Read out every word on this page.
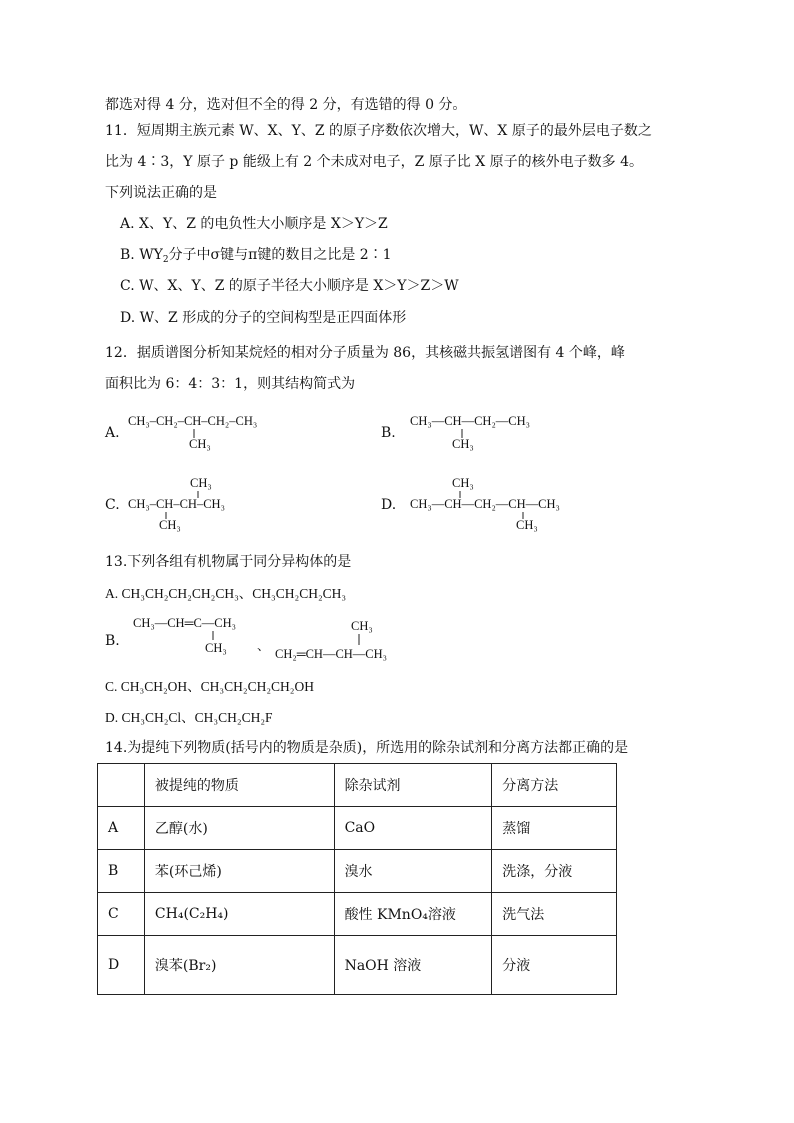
都选对得 4 分，选对但不全的得 2 分，有选错的得 0 分。
11．短周期主族元素 W、X、Y、Z 的原子序数依次增大，W、X 原子的最外层电子数之
比为 4∶3，Y 原子 p 能级上有 2 个未成对电子，Z 原子比 X 原子的核外电子数多 4。
下列说法正确的是
A. X、Y、Z 的电负性大小顺序是 X＞Y＞Z
B. $WY_2$分子中σ键与π键的数目之比是 2∶1
C. W、X、Y、Z 的原子半径大小顺序是 X＞Y＞Z＞W
D. W、Z 形成的分子的空间构型是正四面体形
12．据质谱图分析知某烷烃的相对分子质量为 86，其核磁共振氢谱图有 4 个峰，峰
面积比为 6：4：3：1，则其结构简式为
A.
CH₃–CH₂–CH–CH₂–CH₃
CH₃
B.
CH₃—CH—CH₂—CH₃
CH₃
C.
CH₃
CH₃–CH–CH–CH₃
CH₃
D.
CH₃
CH₃—CH—CH₂—CH—CH₃
CH₃
13.下列各组有机物属于同分异构体的是
A. CH₃CH₂CH₂CH₂CH₃、CH₃CH₂CH₂CH₃
B.
CH₃—CH═C—CH₃
CH₃ 、
CH₃
CH₂═CH—CH—CH₃
C. CH₃CH₂OH、CH₃CH₂CH₂CH₂OH
D. CH₃CH₂Cl、CH₃CH₂CH₂F
14.为提纯下列物质(括号内的物质是杂质)，所选用的除杂试剂和分离方法都正确的是
	被提纯的物质	除杂试剂	分离方法
A	乙醇(水)	CaO	蒸馏
B	苯(环己烯)	溴水	洗涤，分液
C	CH₄(C₂H₄)	酸性 KMnO₄溶液	洗气法
D	溴苯(Br₂)	NaOH 溶液	分液
